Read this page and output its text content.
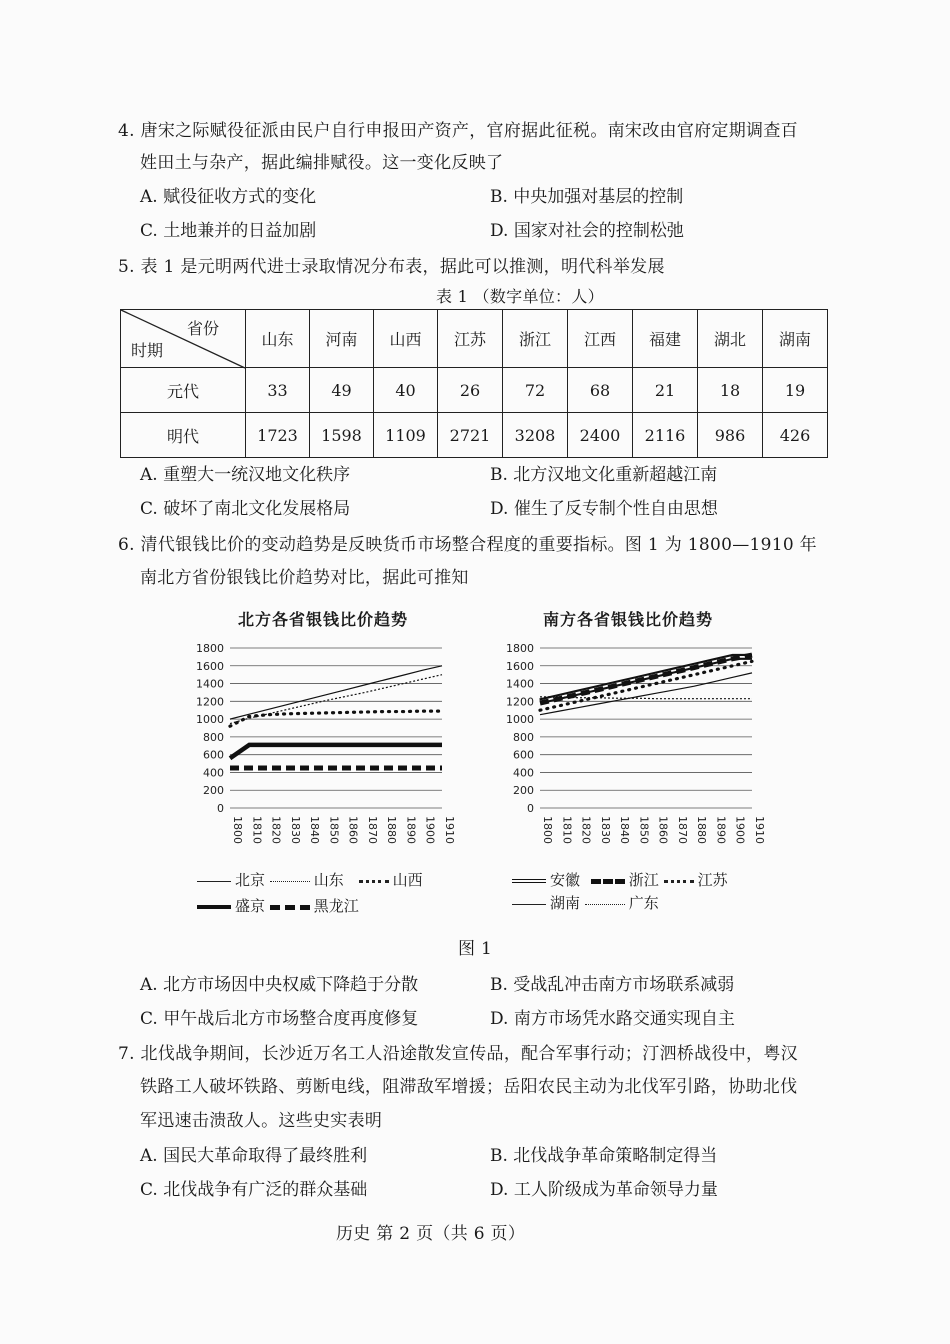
4. 唐宋之际赋役征派由民户自行申报田产资产，官府据此征税。南宋改由官府定期调查百
姓田土与杂产，据此编排赋役。这一变化反映了
A. 赋役征收方式的变化	B. 中央加强对基层的控制
C. 土地兼并的日益加剧	D. 国家对社会的控制松弛
5. 表 1 是元明两代进士录取情况分布表，据此可以推测，明代科举发展
表 1 （数字单位：人）
省份
时期	山东	河南	山西	江苏	浙江	江西	福建	湖北	湖南
元代	33	49	40	26	72	68	21	18	19
明代	1723	1598	1109	2721	3208	2400	2116	986	426
A. 重塑大一统汉地文化秩序	B. 北方汉地文化重新超越江南
C. 破坏了南北文化发展格局	D. 催生了反专制个性自由思想
6. 清代银钱比价的变动趋势是反映货币市场整合程度的重要指标。图 1 为 1800—1910 年
南北方省份银钱比价趋势对比，据此可推知
北方各省银钱比价趋势	南方各省银钱比价趋势
0
200
400
600
800
1000
1200
1400
1600
1800
1800 1810 1820 1830 1840 1850 1860 1870 1880 1890 1900 1910
0
200
400
600
800
1000
1200
1400
1600
1800
1800 1810 1820 1830 1840 1850 1860 1870 1880 1890 1900 1910
北京	山东	山西
盛京	黑龙江
安徽	浙江	江苏
湖南	广东
图 1
A. 北方市场因中央权威下降趋于分散	B. 受战乱冲击南方市场联系减弱
C. 甲午战后北方市场整合度再度修复	D. 南方市场凭水路交通实现自主
7. 北伐战争期间，长沙近万名工人沿途散发宣传品，配合军事行动；汀泗桥战役中，粤汉
铁路工人破坏铁路、剪断电线，阻滞敌军增援；岳阳农民主动为北伐军引路，协助北伐
军迅速击溃敌人。这些史实表明
A. 国民大革命取得了最终胜利	B. 北伐战争革命策略制定得当
C. 北伐战争有广泛的群众基础	D. 工人阶级成为革命领导力量
历史 第 2 页（共 6 页）
